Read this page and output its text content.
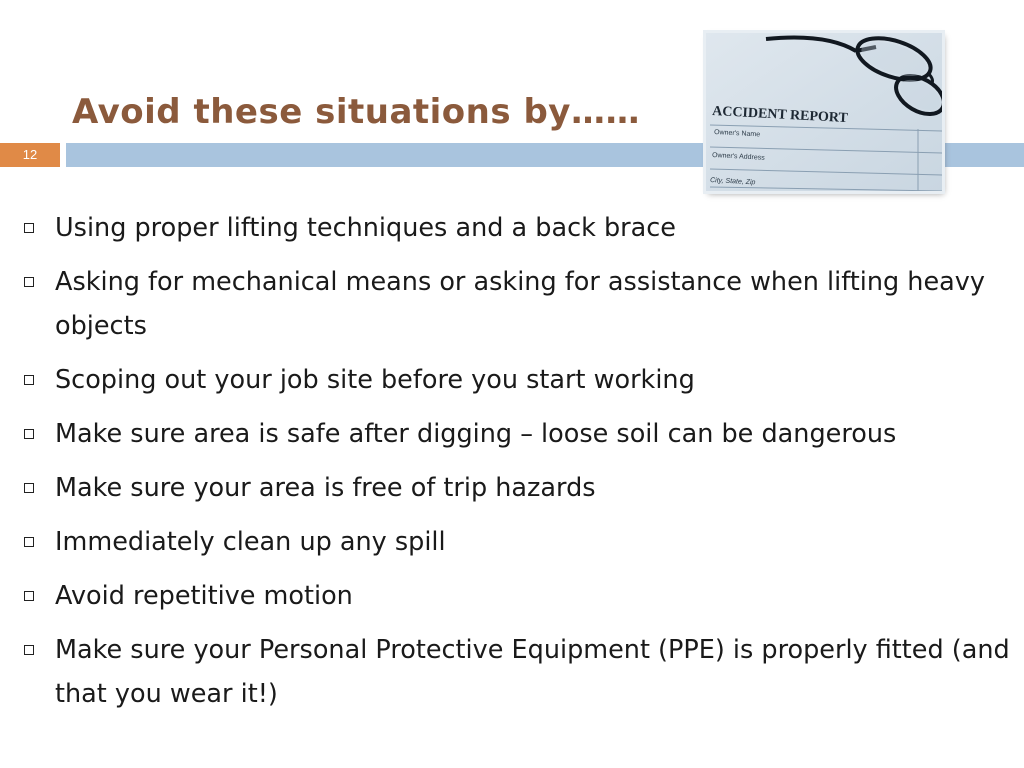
Avoid these situations by……
12
ACCIDENT REPORT
Owner's Name
Owner's Address
City, State, Zip
Using proper lifting techniques and a back brace
Asking for mechanical means or asking for assistance when lifting heavy objects
Scoping out your job site before you start working
Make sure area is safe after digging – loose soil can be dangerous
Make sure your area is free of trip hazards
Immediately clean up any spill
Avoid repetitive motion
Make sure your Personal Protective Equipment (PPE) is properly fitted (and that you wear it!)
